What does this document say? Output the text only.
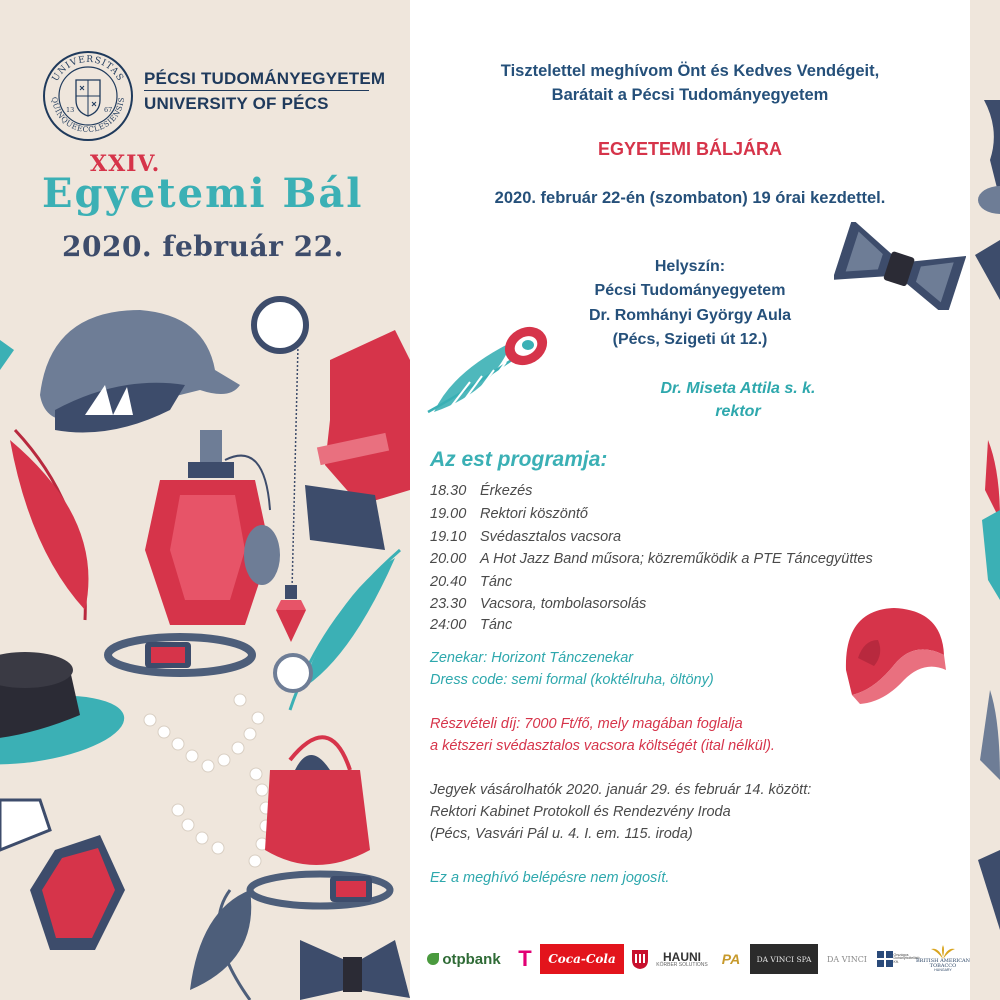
UNIVERSITAS
QUINQUEECCLESIENSIS
13	67
PÉCSI TUDOMÁNYEGYETEM
UNIVERSITY OF PÉCS
XXIV.
Egyetemi Bál
2020. február 22.
Tisztelettel meghívom Önt és Kedves Vendégeit,
Barátait a Pécsi Tudományegyetem
EGYETEMI BÁLJÁRA
2020. február 22-én (szombaton) 19 órai kezdettel.
Helyszín:
Pécsi Tudományegyetem
Dr. Romhányi György Aula
(Pécs, Szigeti út 12.)
Dr. Miseta Attila s. k.
rektor
Az est programja:
18.30 Érkezés
19.00 Rektori köszöntő
19.10 Svédasztalos vacsora
20.00 A Hot Jazz Band műsora; közreműködik a PTE Táncegyüttes
20.40 Tánc
23.30 Vacsora, tombolasorsolás
24:00 Tánc
Zenekar: Horizont Tánczenekar
Dress code: semi formal (koktélruha, öltöny)
Részvételi díj: 7000 Ft/fő, mely magában foglalja
a kétszeri svédasztalos vacsora költségét (ital nélkül).
Jegyek vásárolhatók 2020. január 29. és február 14. között:
Rektori Kabinet Protokoll és Rendezvény Iroda
(Pécs, Vasvári Pál u. 4. I. em. 115. iroda)
Ez a meghívó belépésre nem jogosít.
otpbank T	Coca-Cola	HAUNI
KÖRBER SOLUTIONS	PA	DA VINCI SPA	DA VINCI	Országos Dohányboltellátó Kft.	BRITISH AMERICAN
TOBACCO
HUNGARY
